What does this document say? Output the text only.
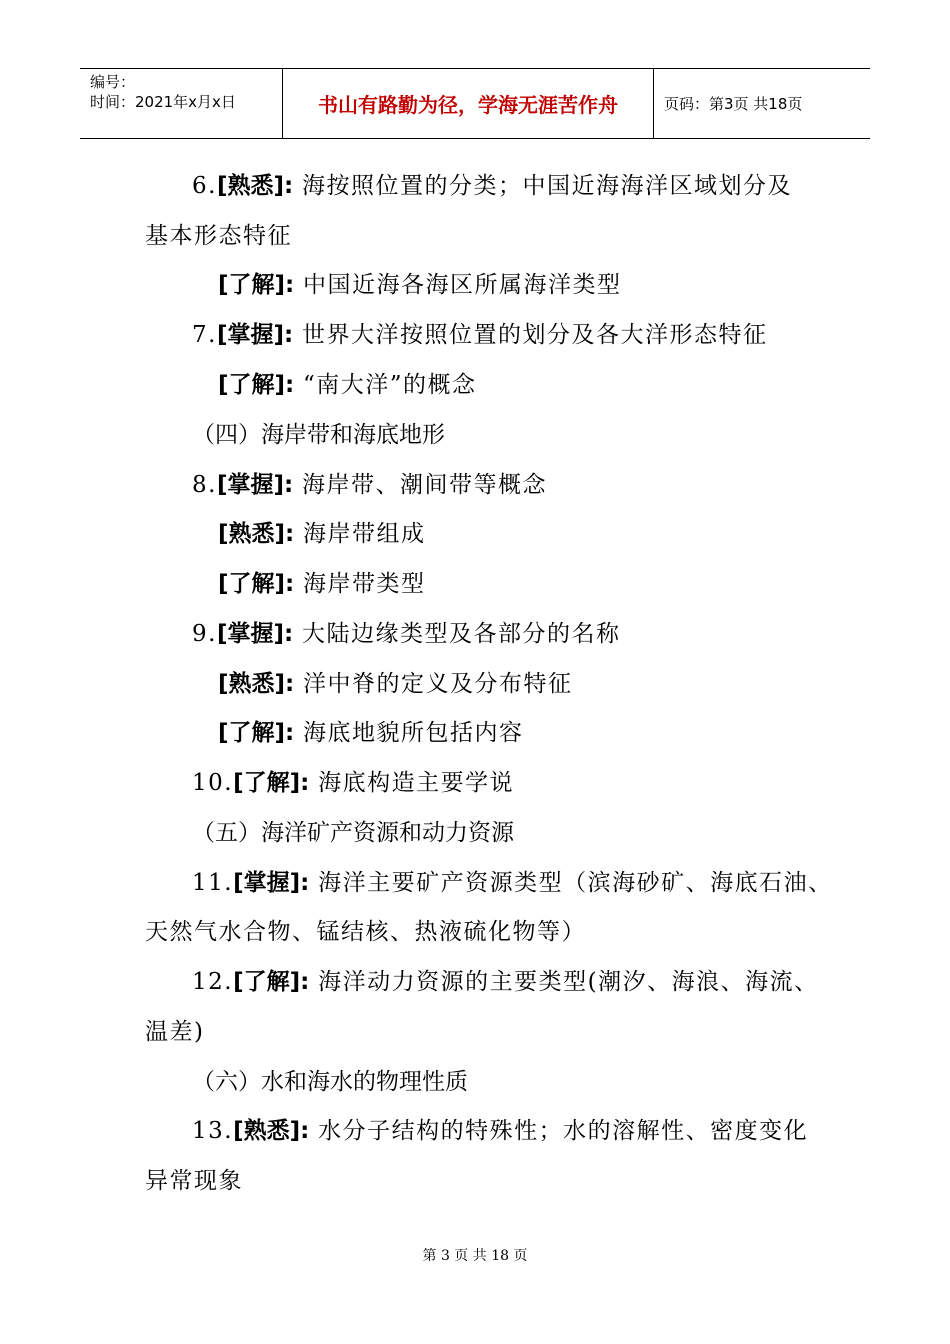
编号：
时间：2021年x月x日	书山有路勤为径，学海无涯苦作舟	页码：第3页 共18页
6.[熟悉]: 海按照位置的分类；中国近海海洋区域划分及
基本形态特征
[了解]: 中国近海各海区所属海洋类型
7.[掌握]: 世界大洋按照位置的划分及各大洋形态特征
[了解]: “南大洋”的概念
（四）海岸带和海底地形
8.[掌握]: 海岸带、潮间带等概念
[熟悉]: 海岸带组成
[了解]: 海岸带类型
9.[掌握]: 大陆边缘类型及各部分的名称
[熟悉]: 洋中脊的定义及分布特征
[了解]: 海底地貌所包括内容
10.[了解]: 海底构造主要学说
（五）海洋矿产资源和动力资源
11.[掌握]: 海洋主要矿产资源类型（滨海砂矿、海底石油、
天然气水合物、锰结核、热液硫化物等）
12.[了解]: 海洋动力资源的主要类型(潮汐、海浪、海流、
温差)
（六）水和海水的物理性质
13.[熟悉]: 水分子结构的特殊性；水的溶解性、密度变化
异常现象
第 3 页 共 18 页
